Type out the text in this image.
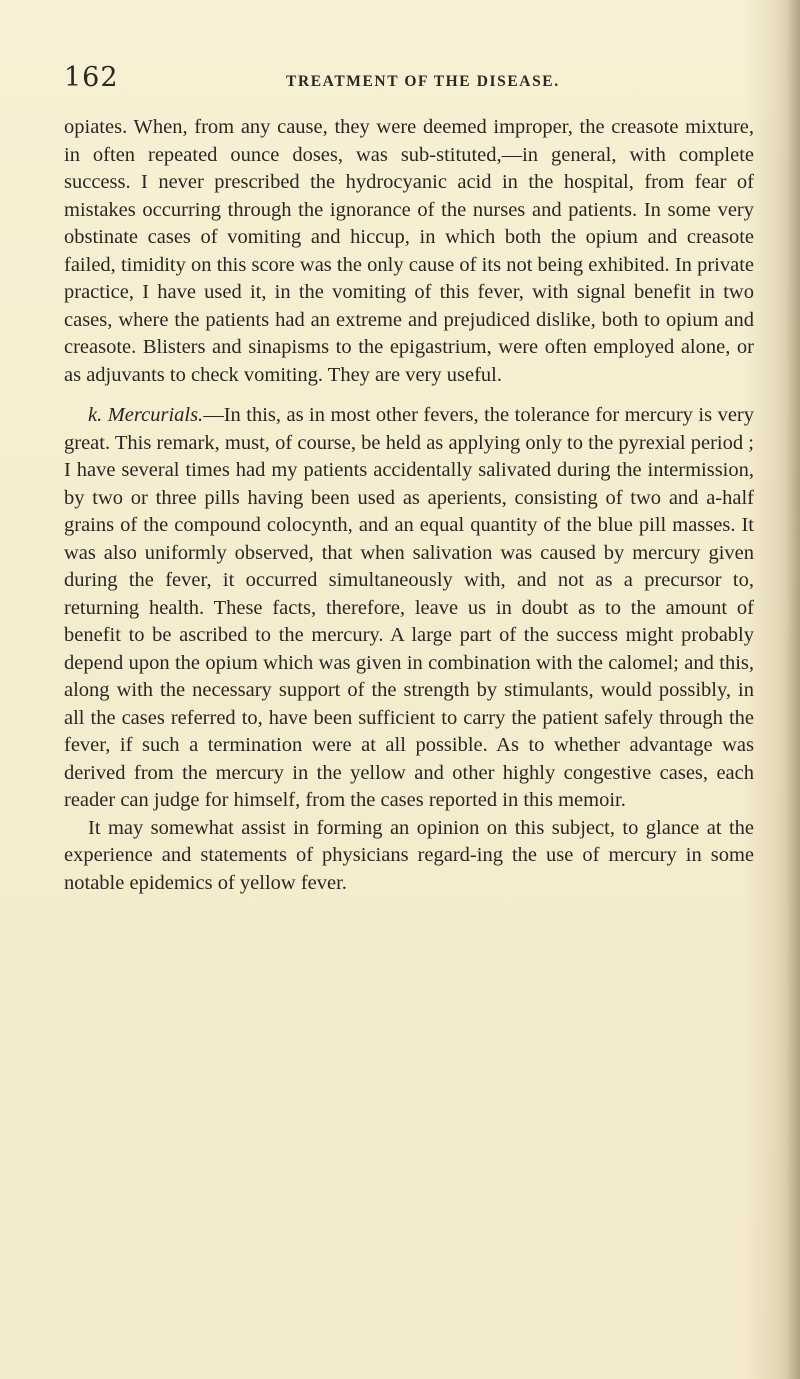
162	TREATMENT OF THE DISEASE.

opiates. When, from any cause, they were deemed improper, the creasote mixture, in often repeated ounce doses, was sub-stituted,—in general, with complete success. I never prescribed the hydrocyanic acid in the hospital, from fear of mistakes occurring through the ignorance of the nurses and patients. In some very obstinate cases of vomiting and hiccup, in which both the opium and creasote failed, timidity on this score was the only cause of its not being exhibited. In private practice, I have used it, in the vomiting of this fever, with signal benefit in two cases, where the patients had an extreme and prejudiced dislike, both to opium and creasote. Blisters and sinapisms to the epigastrium, were often employed alone, or as adjuvants to check vomiting. They are very useful.

k. Mercurials.—In this, as in most other fevers, the tolerance for mercury is very great. This remark, must, of course, be held as applying only to the pyrexial period ; I have several times had my patients accidentally salivated during the intermission, by two or three pills having been used as aperients, consisting of two and a-half grains of the compound colocynth, and an equal quantity of the blue pill masses. It was also uniformly observed, that when salivation was caused by mercury given during the fever, it occurred simultaneously with, and not as a precursor to, returning health. These facts, therefore, leave us in doubt as to the amount of benefit to be ascribed to the mercury. A large part of the success might probably depend upon the opium which was given in combination with the calomel; and this, along with the necessary support of the strength by stimulants, would possibly, in all the cases referred to, have been sufficient to carry the patient safely through the fever, if such a termination were at all possible. As to whether advantage was derived from the mercury in the yellow and other highly congestive cases, each reader can judge for himself, from the cases reported in this memoir.

It may somewhat assist in forming an opinion on this subject, to glance at the experience and statements of physicians regard-ing the use of mercury in some notable epidemics of yellow fever.
